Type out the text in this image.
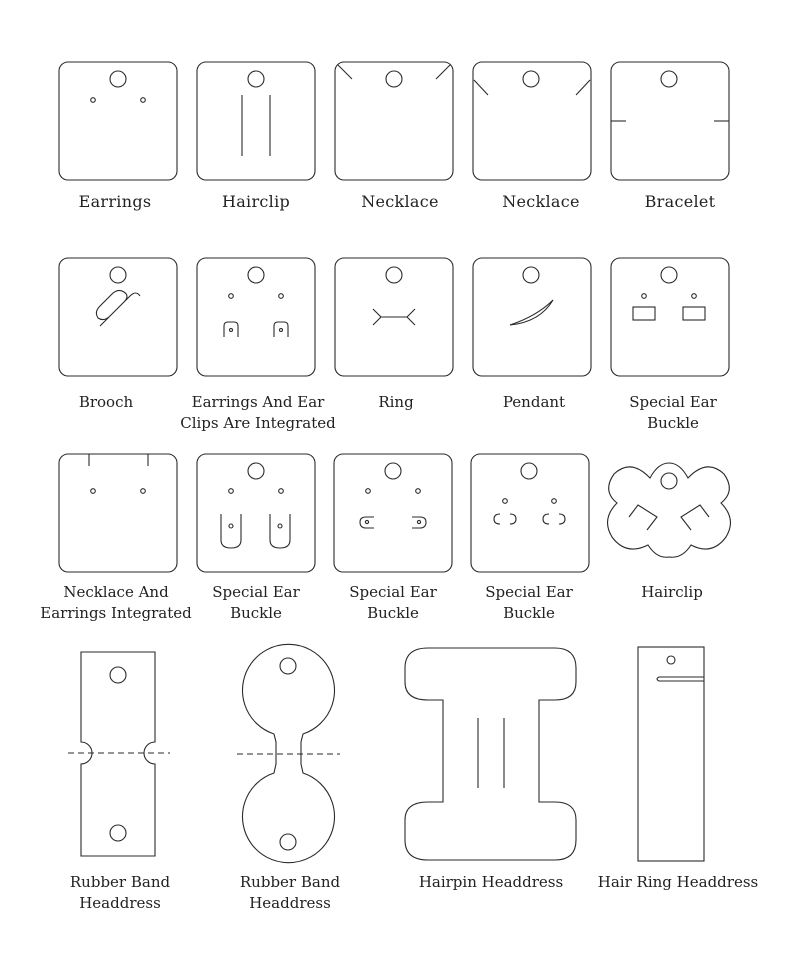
Earrings	Hairclip	Necklace	Necklace	Bracelet
Brooch	Earrings And Ear
Clips Are Integrated
Ring	Pendant	Special Ear Buckle
Necklace And
Earrings Integrated
Special Ear
Buckle
Special Ear
Buckle
Special Ear
Buckle
Hairclip
Rubber Band
Headdress
Rubber Band
Headdress
Hairpin Headdress	Hair Ring Headdress
